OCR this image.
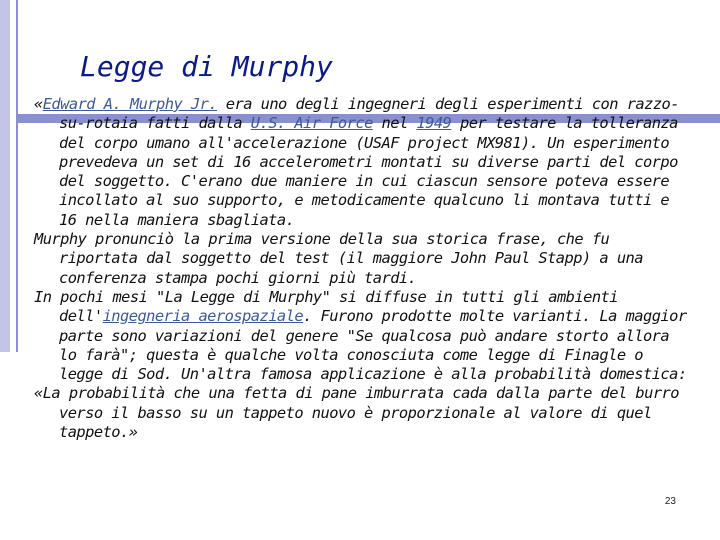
Legge di Murphy

«Edward A. Murphy Jr. era uno degli ingegneri degli esperimenti con razzo-su-rotaia fatti dalla U.S. Air Force nel 1949 per testare la tolleranza del corpo umano all'accelerazione (USAF project MX981). Un esperimento prevedeva un set di 16 accelerometri montati su diverse parti del corpo del soggetto. C'erano due maniere in cui ciascun sensore poteva essere incollato al suo supporto, e metodicamente qualcuno li montava tutti e 16 nella maniera sbagliata.

Murphy pronunciò la prima versione della sua storica frase, che fu riportata dal soggetto del test (il maggiore John Paul Stapp) a una conferenza stampa pochi giorni più tardi.

In pochi mesi "La Legge di Murphy" si diffuse in tutti gli ambienti dell'ingegneria aerospaziale. Furono prodotte molte varianti. La maggior parte sono variazioni del genere "Se qualcosa può andare storto allora lo farà"; questa è qualche volta conosciuta come legge di Finagle o legge di Sod. Un'altra famosa applicazione è alla probabilità domestica:

«La probabilità che una fetta di pane imburrata cada dalla parte del burro verso il basso su un tappeto nuovo è proporzionale al valore di quel tappeto.»

23
